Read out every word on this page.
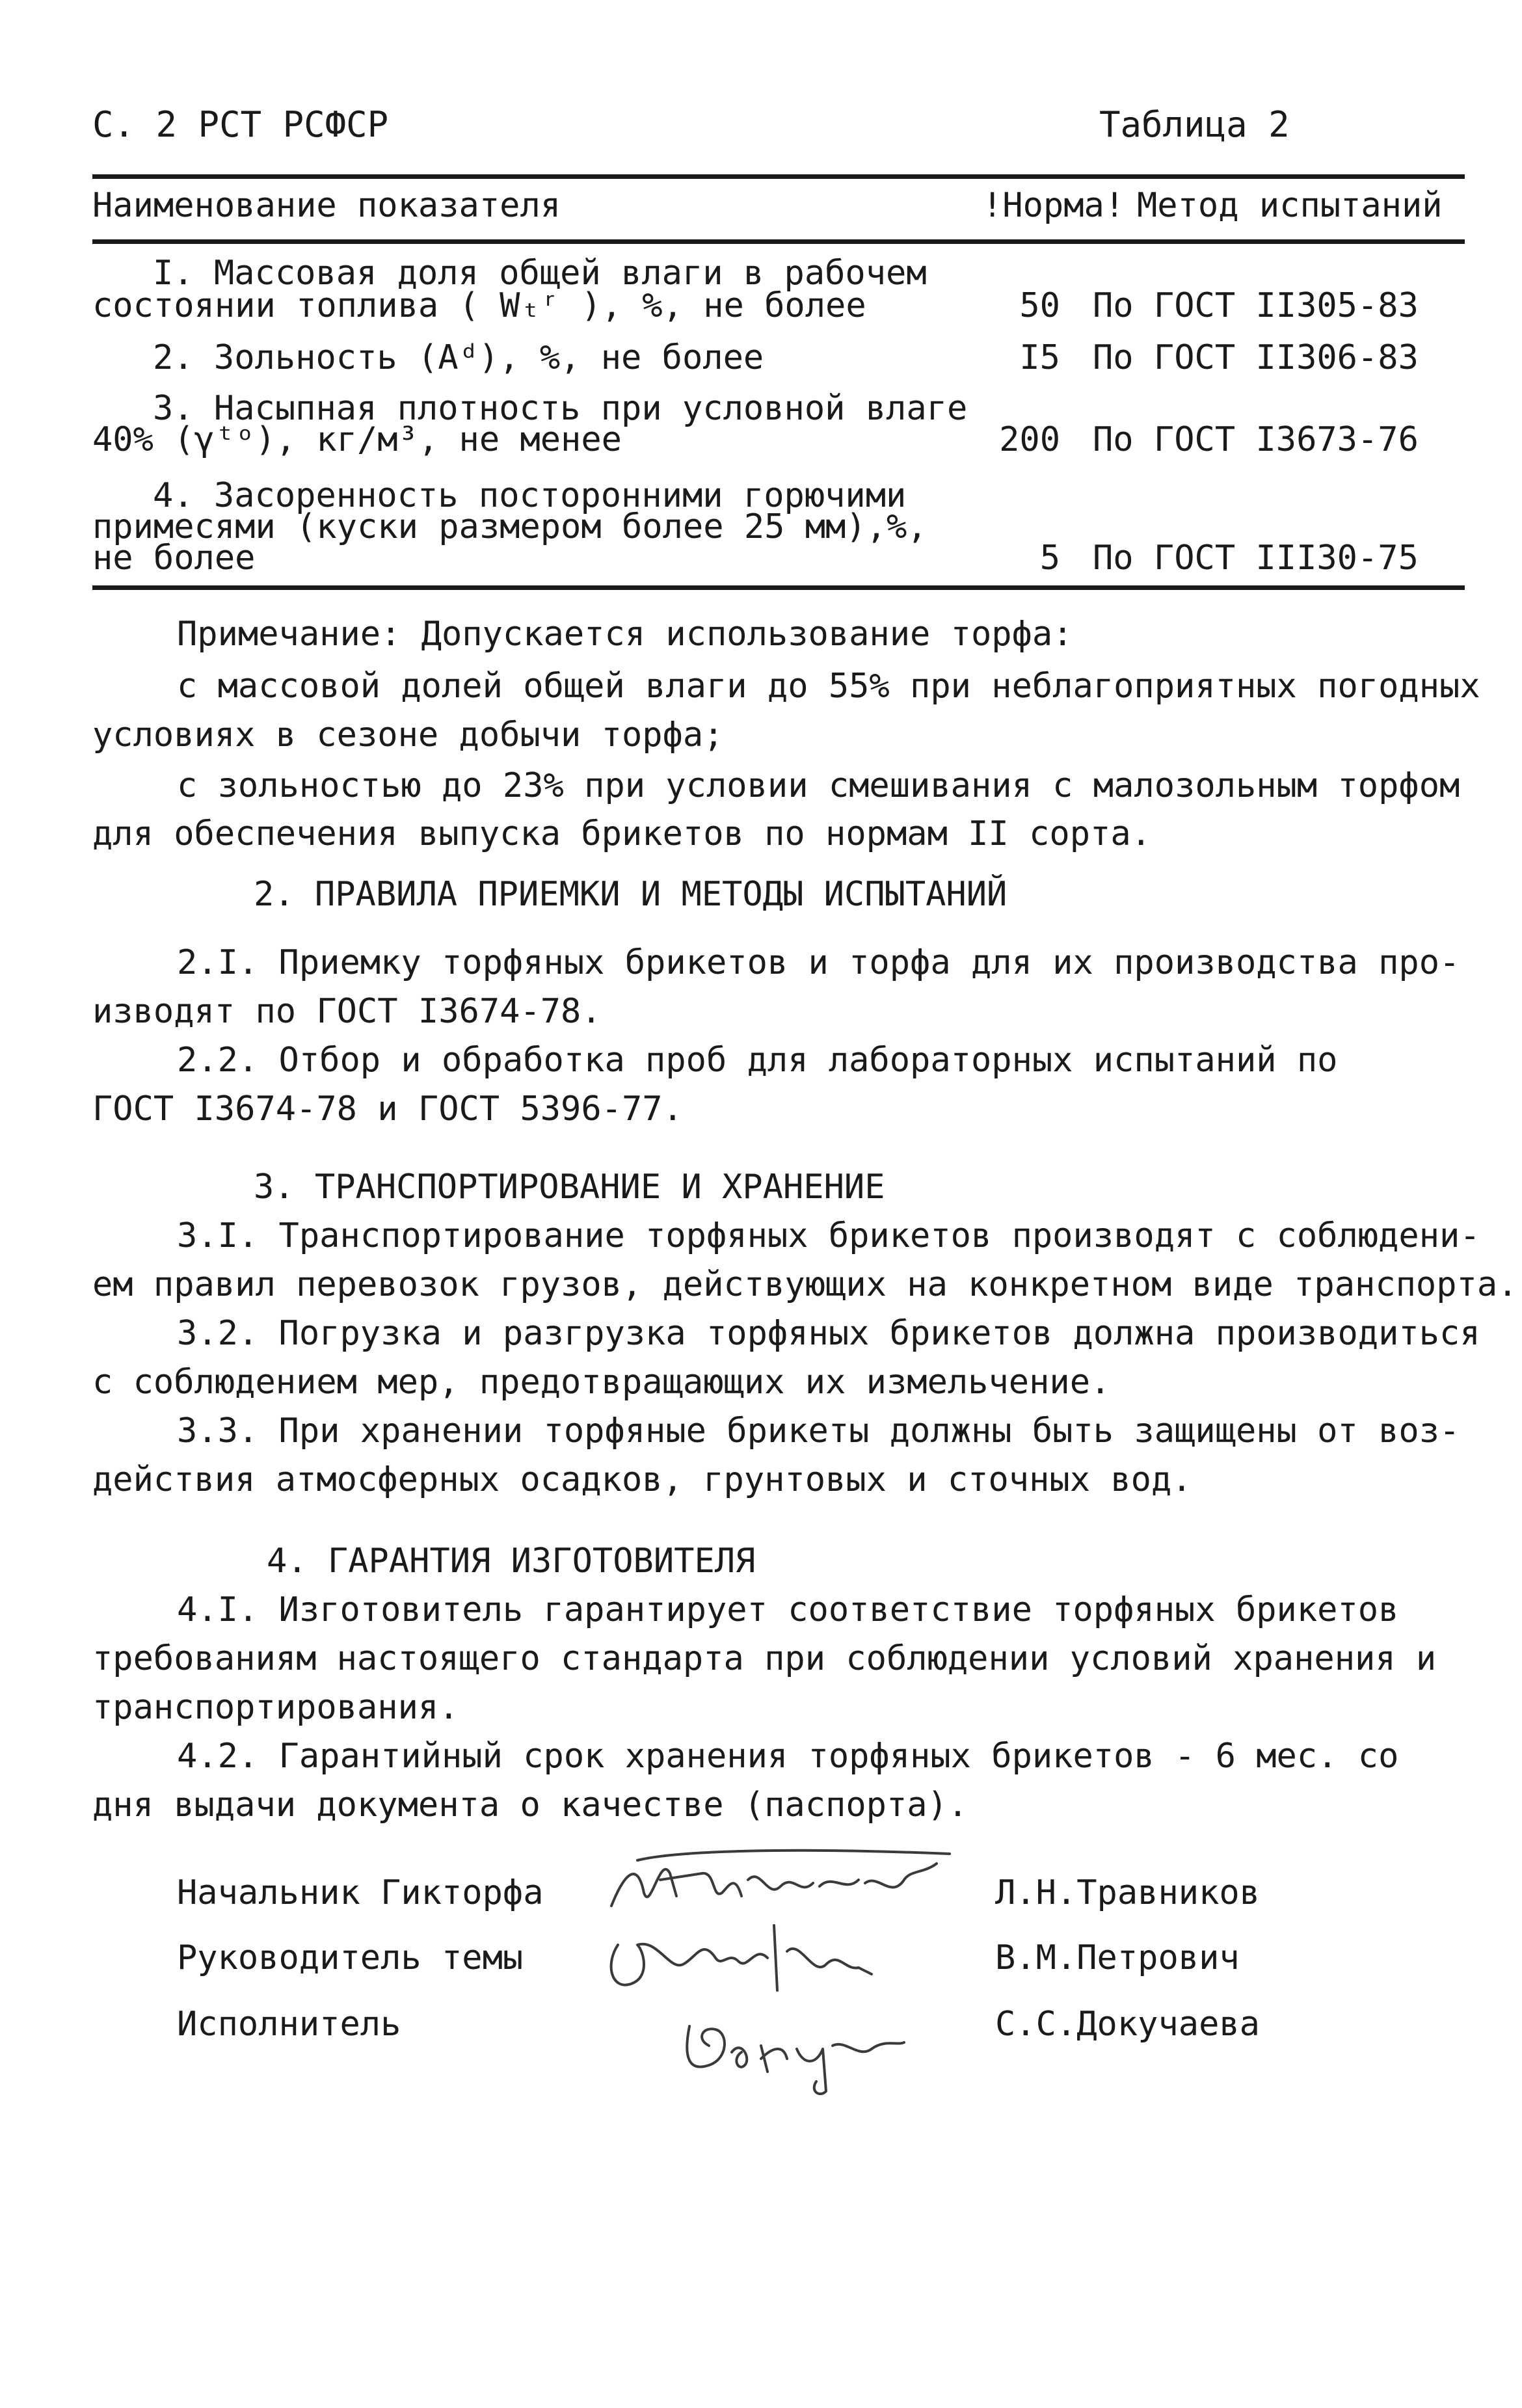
С. 2 РСТ РСФСР	Таблица 2
Наименование показателя	!Норма! Метод испытаний
I. Массовая доля общей влаги в рабочем
состоянии топлива ( Wₜʳ ), %, не более	50 По ГОСТ II305-83
2. Зольность (Aᵈ), %, не более	I5 По ГОСТ II306-83
3. Насыпная плотность при условной влаге
40% (γᵗᵒ), кг/м³, не менее	200 По ГОСТ I3673-76
4. Засоренность посторонними горючими
примесями (куски размером более 25 мм),%,
не более	5 По ГОСТ III30-75
Примечание: Допускается использование торфа:
с массовой долей общей влаги до 55% при неблагоприятных погодных
условиях в сезоне добычи торфа;
с зольностью до 23% при условии смешивания с малозольным торфом
для обеспечения выпуска брикетов по нормам II сорта.
2. ПРАВИЛА ПРИЕМКИ И МЕТОДЫ ИСПЫТАНИЙ
2.I. Приемку торфяных брикетов и торфа для их производства про-
изводят по ГОСТ I3674-78.
2.2. Отбор и обработка проб для лабораторных испытаний по
ГОСТ I3674-78 и ГОСТ 5396-77.
3. ТРАНСПОРТИРОВАНИЕ И ХРАНЕНИЕ
3.I. Транспортирование торфяных брикетов производят с соблюдени-
ем правил перевозок грузов, действующих на конкретном виде транспорта.
3.2. Погрузка и разгрузка торфяных брикетов должна производиться
с соблюдением мер, предотвращающих их измельчение.
3.3. При хранении торфяные брикеты должны быть защищены от воз-
действия атмосферных осадков, грунтовых и сточных вод.
4. ГАРАНТИЯ ИЗГОТОВИТЕЛЯ
4.I. Изготовитель гарантирует соответствие торфяных брикетов
требованиям настоящего стандарта при соблюдении условий хранения и
транспортирования.
4.2. Гарантийный срок хранения торфяных брикетов - 6 мес. со
дня выдачи документа о качестве (паспорта).
Начальник Гикторфа	Л.Н.Травников
Руководитель темы	В.М.Петрович
Исполнитель	С.С.Докучаева
